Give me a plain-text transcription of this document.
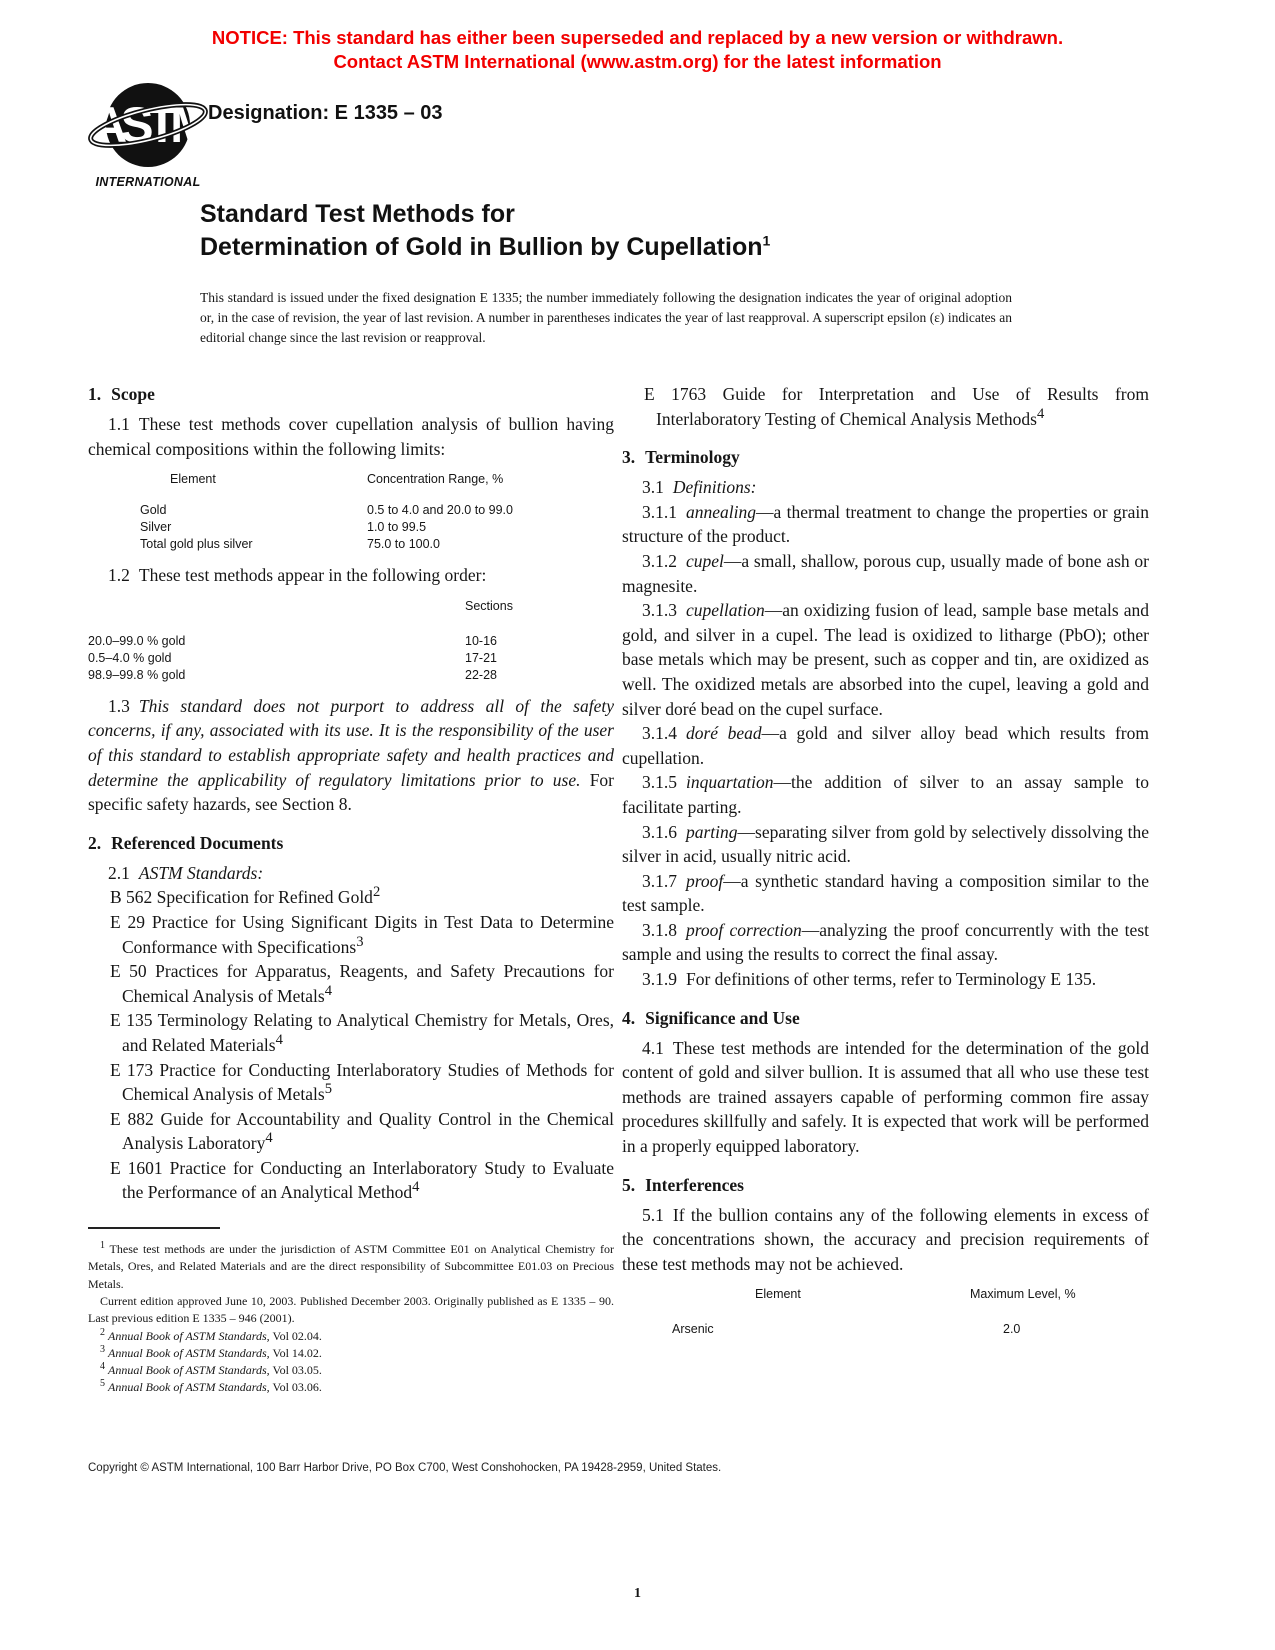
NOTICE: This standard has either been superseded and replaced by a new version or withdrawn.
Contact ASTM International (www.astm.org) for the latest information
ASTM
INTERNATIONAL
Designation: E 1335 – 03
Standard Test Methods for
Determination of Gold in Bullion by Cupellation$^1$
This standard is issued under the fixed designation E 1335; the number immediately following the designation indicates the year of original adoption or, in the case of revision, the year of last revision. A number in parentheses indicates the year of last reapproval. A superscript epsilon (ε) indicates an editorial change since the last revision or reapproval.
1. Scope

1.1 These test methods cover cupellation analysis of bullion having chemical compositions within the following limits:

Element	Concentration Range, %
Gold	0.5 to 4.0 and 20.0 to 99.0
Silver	1.0 to 99.5
Total gold plus silver	75.0 to 100.0

1.2 These test methods appear in the following order:

Sections
20.0–99.0 % gold	10-16
0.5–4.0 % gold	17-21
98.9–99.8 % gold	22-28

1.3 This standard does not purport to address all of the safety concerns, if any, associated with its use. It is the responsibility of the user of this standard to establish appropriate safety and health practices and determine the applicability of regulatory limitations prior to use. For specific safety hazards, see Section 8.

2. Referenced Documents

2.1 ASTM Standards:

B 562 Specification for Refined Gold$^2$

E 29 Practice for Using Significant Digits in Test Data to Determine Conformance with Specifications$^3$

E 50 Practices for Apparatus, Reagents, and Safety Precautions for Chemical Analysis of Metals$^4$

E 135 Terminology Relating to Analytical Chemistry for Metals, Ores, and Related Materials$^4$

E 173 Practice for Conducting Interlaboratory Studies of Methods for Chemical Analysis of Metals$^5$

E 882 Guide for Accountability and Quality Control in the Chemical Analysis Laboratory$^4$

E 1601 Practice for Conducting an Interlaboratory Study to Evaluate the Performance of an Analytical Method$^4$

$^1$ These test methods are under the jurisdiction of ASTM Committee E01 on Analytical Chemistry for Metals, Ores, and Related Materials and are the direct responsibility of Subcommittee E01.03 on Precious Metals.

Current edition approved June 10, 2003. Published December 2003. Originally published as E 1335 – 90. Last previous edition E 1335 – 946 (2001).

$^2$ Annual Book of ASTM Standards, Vol 02.04.

$^3$ Annual Book of ASTM Standards, Vol 14.02.

$^4$ Annual Book of ASTM Standards, Vol 03.05.

$^5$ Annual Book of ASTM Standards, Vol 03.06.

E 1763 Guide for Interpretation and Use of Results from Interlaboratory Testing of Chemical Analysis Methods$^4$

3. Terminology

3.1 Definitions:

3.1.1 annealing—a thermal treatment to change the properties or grain structure of the product.

3.1.2 cupel—a small, shallow, porous cup, usually made of bone ash or magnesite.

3.1.3 cupellation—an oxidizing fusion of lead, sample base metals and gold, and silver in a cupel. The lead is oxidized to litharge (PbO); other base metals which may be present, such as copper and tin, are oxidized as well. The oxidized metals are absorbed into the cupel, leaving a gold and silver doré bead on the cupel surface.

3.1.4 doré bead—a gold and silver alloy bead which results from cupellation.

3.1.5 inquartation—the addition of silver to an assay sample to facilitate parting.

3.1.6 parting—separating silver from gold by selectively dissolving the silver in acid, usually nitric acid.

3.1.7 proof—a synthetic standard having a composition similar to the test sample.

3.1.8 proof correction—analyzing the proof concurrently with the test sample and using the results to correct the final assay.

3.1.9 For definitions of other terms, refer to Terminology E 135.

4. Significance and Use

4.1 These test methods are intended for the determination of the gold content of gold and silver bullion. It is assumed that all who use these test methods are trained assayers capable of performing common fire assay procedures skillfully and safely. It is expected that work will be performed in a properly equipped laboratory.

5. Interferences

5.1 If the bullion contains any of the following elements in excess of the concentrations shown, the accuracy and precision requirements of these test methods may not be achieved.

Element	Maximum Level, %
Arsenic	2.0
Copyright © ASTM International, 100 Barr Harbor Drive, PO Box C700, West Conshohocken, PA 19428-2959, United States.
1
